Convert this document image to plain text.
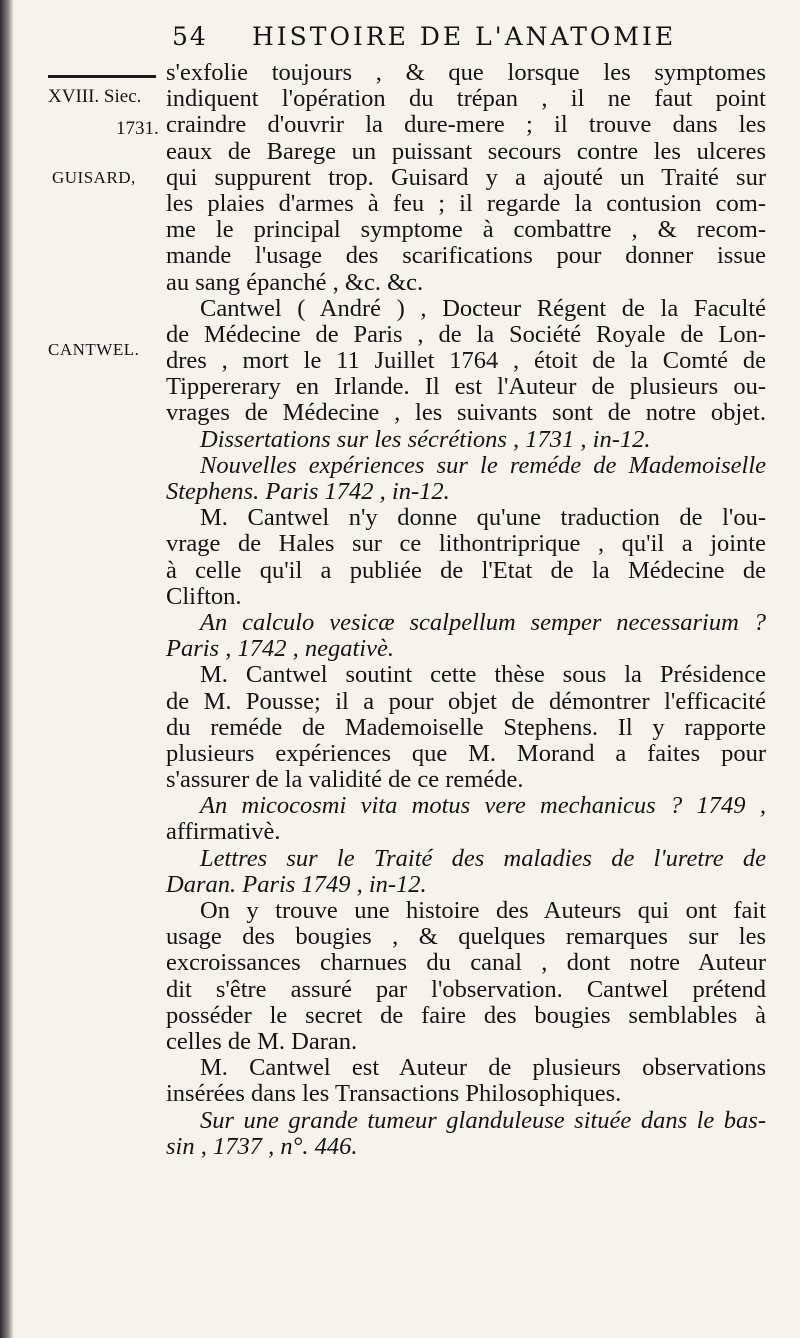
54 HISTOIRE DE L'ANATOMIE
XVIII. Siec.
1731.
GUISARD,
CANTWEL.
s'exfolie toujours , & que lorsque les symptomes
indiquent l'opération du trépan , il ne faut point
craindre d'ouvrir la dure-mere ; il trouve dans les
eaux de Barege un puissant secours contre les ulceres
qui suppurent trop. Guisard y a ajouté un Traité sur
les plaies d'armes à feu ; il regarde la contusion com-
me le principal symptome à combattre , & recom-
mande l'usage des scarifications pour donner issue
au sang épanché , &c. &c.
Cantwel ( André ) , Docteur Régent de la Faculté
de Médecine de Paris , de la Société Royale de Lon-
dres , mort le 11 Juillet 1764 , étoit de la Comté de
Tippererary en Irlande. Il est l'Auteur de plusieurs ou-
vrages de Médecine , les suivants sont de notre objet.
Dissertations sur les sécrétions , 1731 , in-12.
Nouvelles expériences sur le reméde de Mademoiselle
Stephens. Paris 1742 , in-12.
M. Cantwel n'y donne qu'une traduction de l'ou-
vrage de Hales sur ce lithontriprique , qu'il a jointe
à celle qu'il a publiée de l'Etat de la Médecine de
Clifton.
An calculo vesicæ scalpellum semper necessarium ?
Paris , 1742 , negativè.
M. Cantwel soutint cette thèse sous la Présidence
de M. Pousse; il a pour objet de démontrer l'efficacité
du reméde de Mademoiselle Stephens. Il y rapporte
plusieurs expériences que M. Morand a faites pour
s'assurer de la validité de ce reméde.
An micocosmi vita motus vere mechanicus ? 1749 ,
affirmativè.
Lettres sur le Traité des maladies de l'uretre de
Daran. Paris 1749 , in-12.
On y trouve une histoire des Auteurs qui ont fait
usage des bougies , & quelques remarques sur les
excroissances charnues du canal , dont notre Auteur
dit s'être assuré par l'observation. Cantwel prétend
posséder le secret de faire des bougies semblables à
celles de M. Daran.
M. Cantwel est Auteur de plusieurs observations
insérées dans les Transactions Philosophiques.
Sur une grande tumeur glanduleuse située dans le bas-
sin , 1737 , n°. 446.
